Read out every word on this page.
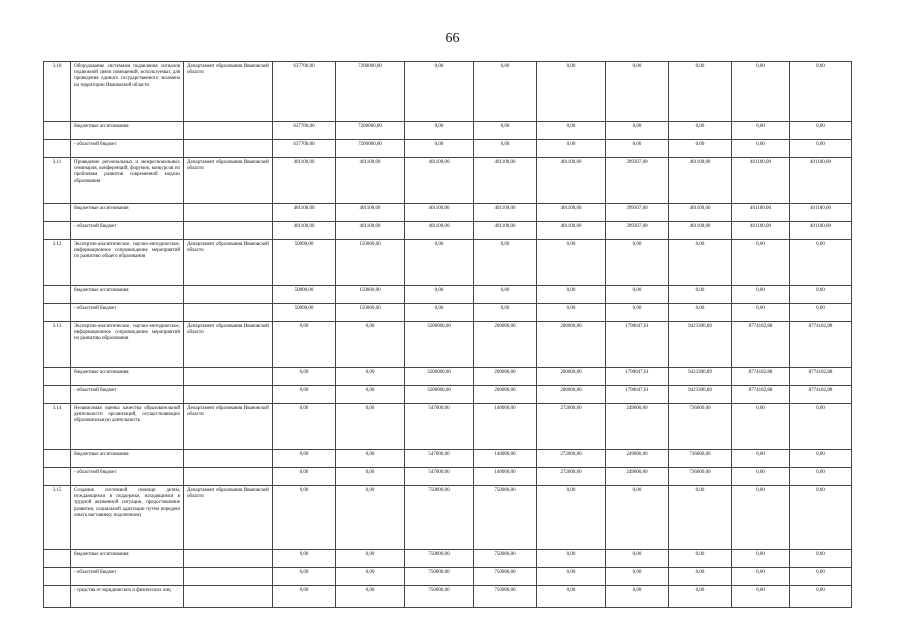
66
3.10	Оборудование системами подавления сигналов подвижной связи помещений, используемых для проведения единого государственного экзамена на территории Ивановской области	Департамент образования Ивановской области	637700,00	7200000,00	0,00	0,00	0,00	0,00	0,00	0,00	0,00
	бюджетные ассигнования		637700,00	7200000,00	0,00	0,00	0,00	0,00	0,00	0,00	0,00
	- областной бюджет		637700,00	7200000,00	0,00	0,00	0,00	0,00	0,00	0,00	0,00
3.11	Проведение региональных и межрегиональных семинаров, конференций, форумов, конкурсов по проблемам развития современной модели образования	Департамент образования Ивановской области	401100,00	401100,00	401100,00	401100,00	401100,00	399307,00	401100,00	401100,00	401100,00
	бюджетные ассигнования		401100,00	401100,00	401100,00	401100,00	401100,00	399307,00	401100,00	401100,00	401100,00
	- областной бюджет		401100,00	401100,00	401100,00	401100,00	401100,00	399307,00	401100,00	401100,00	401100,00
3.12	Экспертно-аналитическое, научно-методическое, информационное сопровождение мероприятий по развитию общего образования	Департамент образования Ивановской области	50000,00	150000,00	0,00	0,00	0,00	0,00	0,00	0,00	0,00
	бюджетные ассигнования		50000,00	150000,00	0,00	0,00	0,00	0,00	0,00	0,00	0,00
	- областной бюджет		50000,00	150000,00	0,00	0,00	0,00	0,00	0,00	0,00	0,00
3.13	Экспертно-аналитическое, научно-методическое, информационное сопровождение мероприятий по развитию образования	Департамент образования Ивановской области	0,00	0,00	3200000,00	200000,00	200000,00	1790047,61	9423300,89	8774182,88	8774182,88
	бюджетные ассигнования		0,00	0,00	3200000,00	200000,00	200000,00	1790047,61	9423300,89	8774182,88	8774182,88
	- областной бюджет		0,00	0,00	3200000,00	200000,00	200000,00	1790047,61	9423300,89	8774182,88	8774182,88
3.14	Независимая оценка качества образовательной деятельности организаций, осуществляющих образовательную деятельность	Департамент образования Ивановской области	0,00	0,00	547000,00	140000,00	272000,00	249000,00	736000,00	0,00	0,00
	бюджетные ассигнования		0,00	0,00	547000,00	140000,00	272000,00	249000,00	736000,00	0,00	0,00
	- областной бюджет		0,00	0,00	547000,00	140000,00	272000,00	249000,00	736000,00	0,00	0,00
3.15	Создание системной помощи детям, нуждающимся в поддержке, находящимся в трудной жизненной ситуации, предоставление развития, социальной адаптации путем передачи опыта наставнику подопечному	Департамент образования Ивановской области	0,00	0,00	750000,00	750000,00	0,00	0,00	0,00	0,00	0,00
	бюджетные ассигнования		0,00	0,00	750000,00	750000,00	0,00	0,00	0,00	0,00	0,00
	- областной бюджет		0,00	0,00	750000,00	750000,00	0,00	0,00	0,00	0,00	0,00
	- средства от юридических и физических лиц		0,00	0,00	750000,00	750000,00	0,00	0,00	0,00	0,00	0,00
